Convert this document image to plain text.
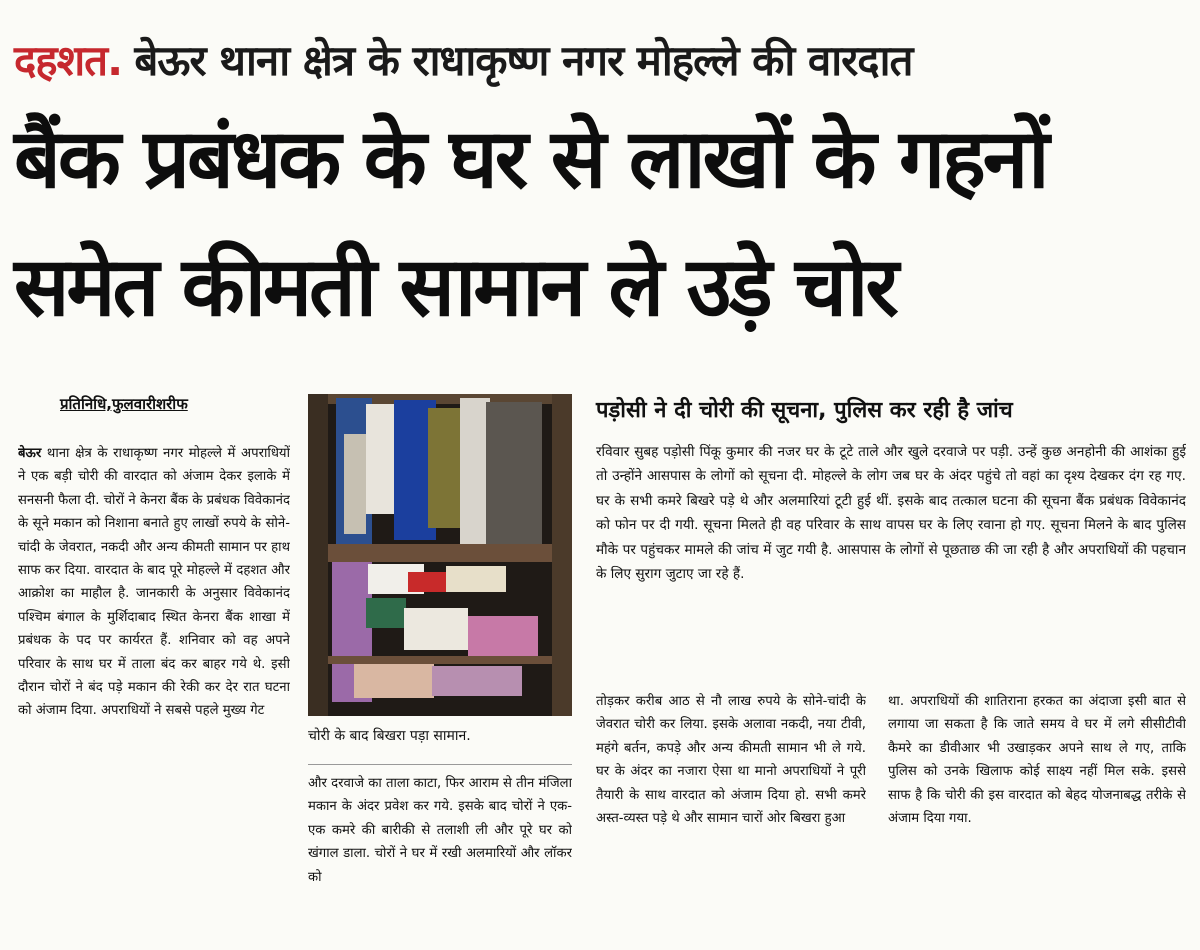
दहशत. बेऊर थाना क्षेत्र के राधाकृष्ण नगर मोहल्ले की वारदात
बैंक प्रबंधक के घर से लाखों के गहनों
समेत कीमती सामान ले उड़े चोर
प्रतिनिधि,फुलवारीशरीफ
बेऊर थाना क्षेत्र के राधाकृष्ण नगर मोहल्ले में अपराधियों ने एक बड़ी चोरी की वारदात को अंजाम देकर इलाके में सनसनी फैला दी. चोरों ने केनरा बैंक के प्रबंधक विवेकानंद के सूने मकान को निशाना बनाते हुए लाखों रुपये के सोने-चांदी के जेवरात, नकदी और अन्य कीमती सामान पर हाथ साफ कर दिया. वारदात के बाद पूरे मोहल्ले में दहशत और आक्रोश का माहौल है. जानकारी के अनुसार विवेकानंद पश्चिम बंगाल के मुर्शिदाबाद स्थित केनरा बैंक शाखा में प्रबंधक के पद पर कार्यरत हैं. शनिवार को वह अपने परिवार के साथ घर में ताला बंद कर बाहर गये थे. इसी दौरान चोरों ने बंद पड़े मकान की रेकी कर देर रात घटना को अंजाम दिया. अपराधियों ने सबसे पहले मुख्य गेट
चोरी के बाद बिखरा पड़ा सामान.
और दरवाजे का ताला काटा, फिर आराम से तीन मंजिला मकान के अंदर प्रवेश कर गये. इसके बाद चोरों ने एक-एक कमरे की बारीकी से तलाशी ली और पूरे घर को खंगाल डाला. चोरों ने घर में रखी अलमारियों और लॉकर को
पड़ोसी ने दी चोरी की सूचना, पुलिस कर रही है जांच
रविवार सुबह पड़ोसी पिंकू कुमार की नजर घर के टूटे ताले और खुले दरवाजे पर पड़ी. उन्हें कुछ अनहोनी की आशंका हुई तो उन्होंने आसपास के लोगों को सूचना दी. मोहल्ले के लोग जब घर के अंदर पहुंचे तो वहां का दृश्य देखकर दंग रह गए. घर के सभी कमरे बिखरे पड़े थे और अलमारियां टूटी हुई थीं. इसके बाद तत्काल घटना की सूचना बैंक प्रबंधक विवेकानंद को फोन पर दी गयी. सूचना मिलते ही वह परिवार के साथ वापस घर के लिए रवाना हो गए. सूचना मिलने के बाद पुलिस मौके पर पहुंचकर मामले की जांच में जुट गयी है. आसपास के लोगों से पूछताछ की जा रही है और अपराधियों की पहचान के लिए सुराग जुटाए जा रहे हैं.
तोड़कर करीब आठ से नौ लाख रुपये के सोने-चांदी के जेवरात चोरी कर लिया. इसके अलावा नकदी, नया टीवी, महंगे बर्तन, कपड़े और अन्य कीमती सामान भी ले गये. घर के अंदर का नजारा ऐसा था मानो अपराधियों ने पूरी तैयारी के साथ वारदात को अंजाम दिया हो. सभी कमरे अस्त-व्यस्त पड़े थे और सामान चारों ओर बिखरा हुआ
था. अपराधियों की शातिराना हरकत का अंदाजा इसी बात से लगाया जा सकता है कि जाते समय वे घर में लगे सीसीटीवी कैमरे का डीवीआर भी उखाड़कर अपने साथ ले गए, ताकि पुलिस को उनके खिलाफ कोई साक्ष्य नहीं मिल सके. इससे साफ है कि चोरी की इस वारदात को बेहद योजनाबद्ध तरीके से अंजाम दिया गया.
